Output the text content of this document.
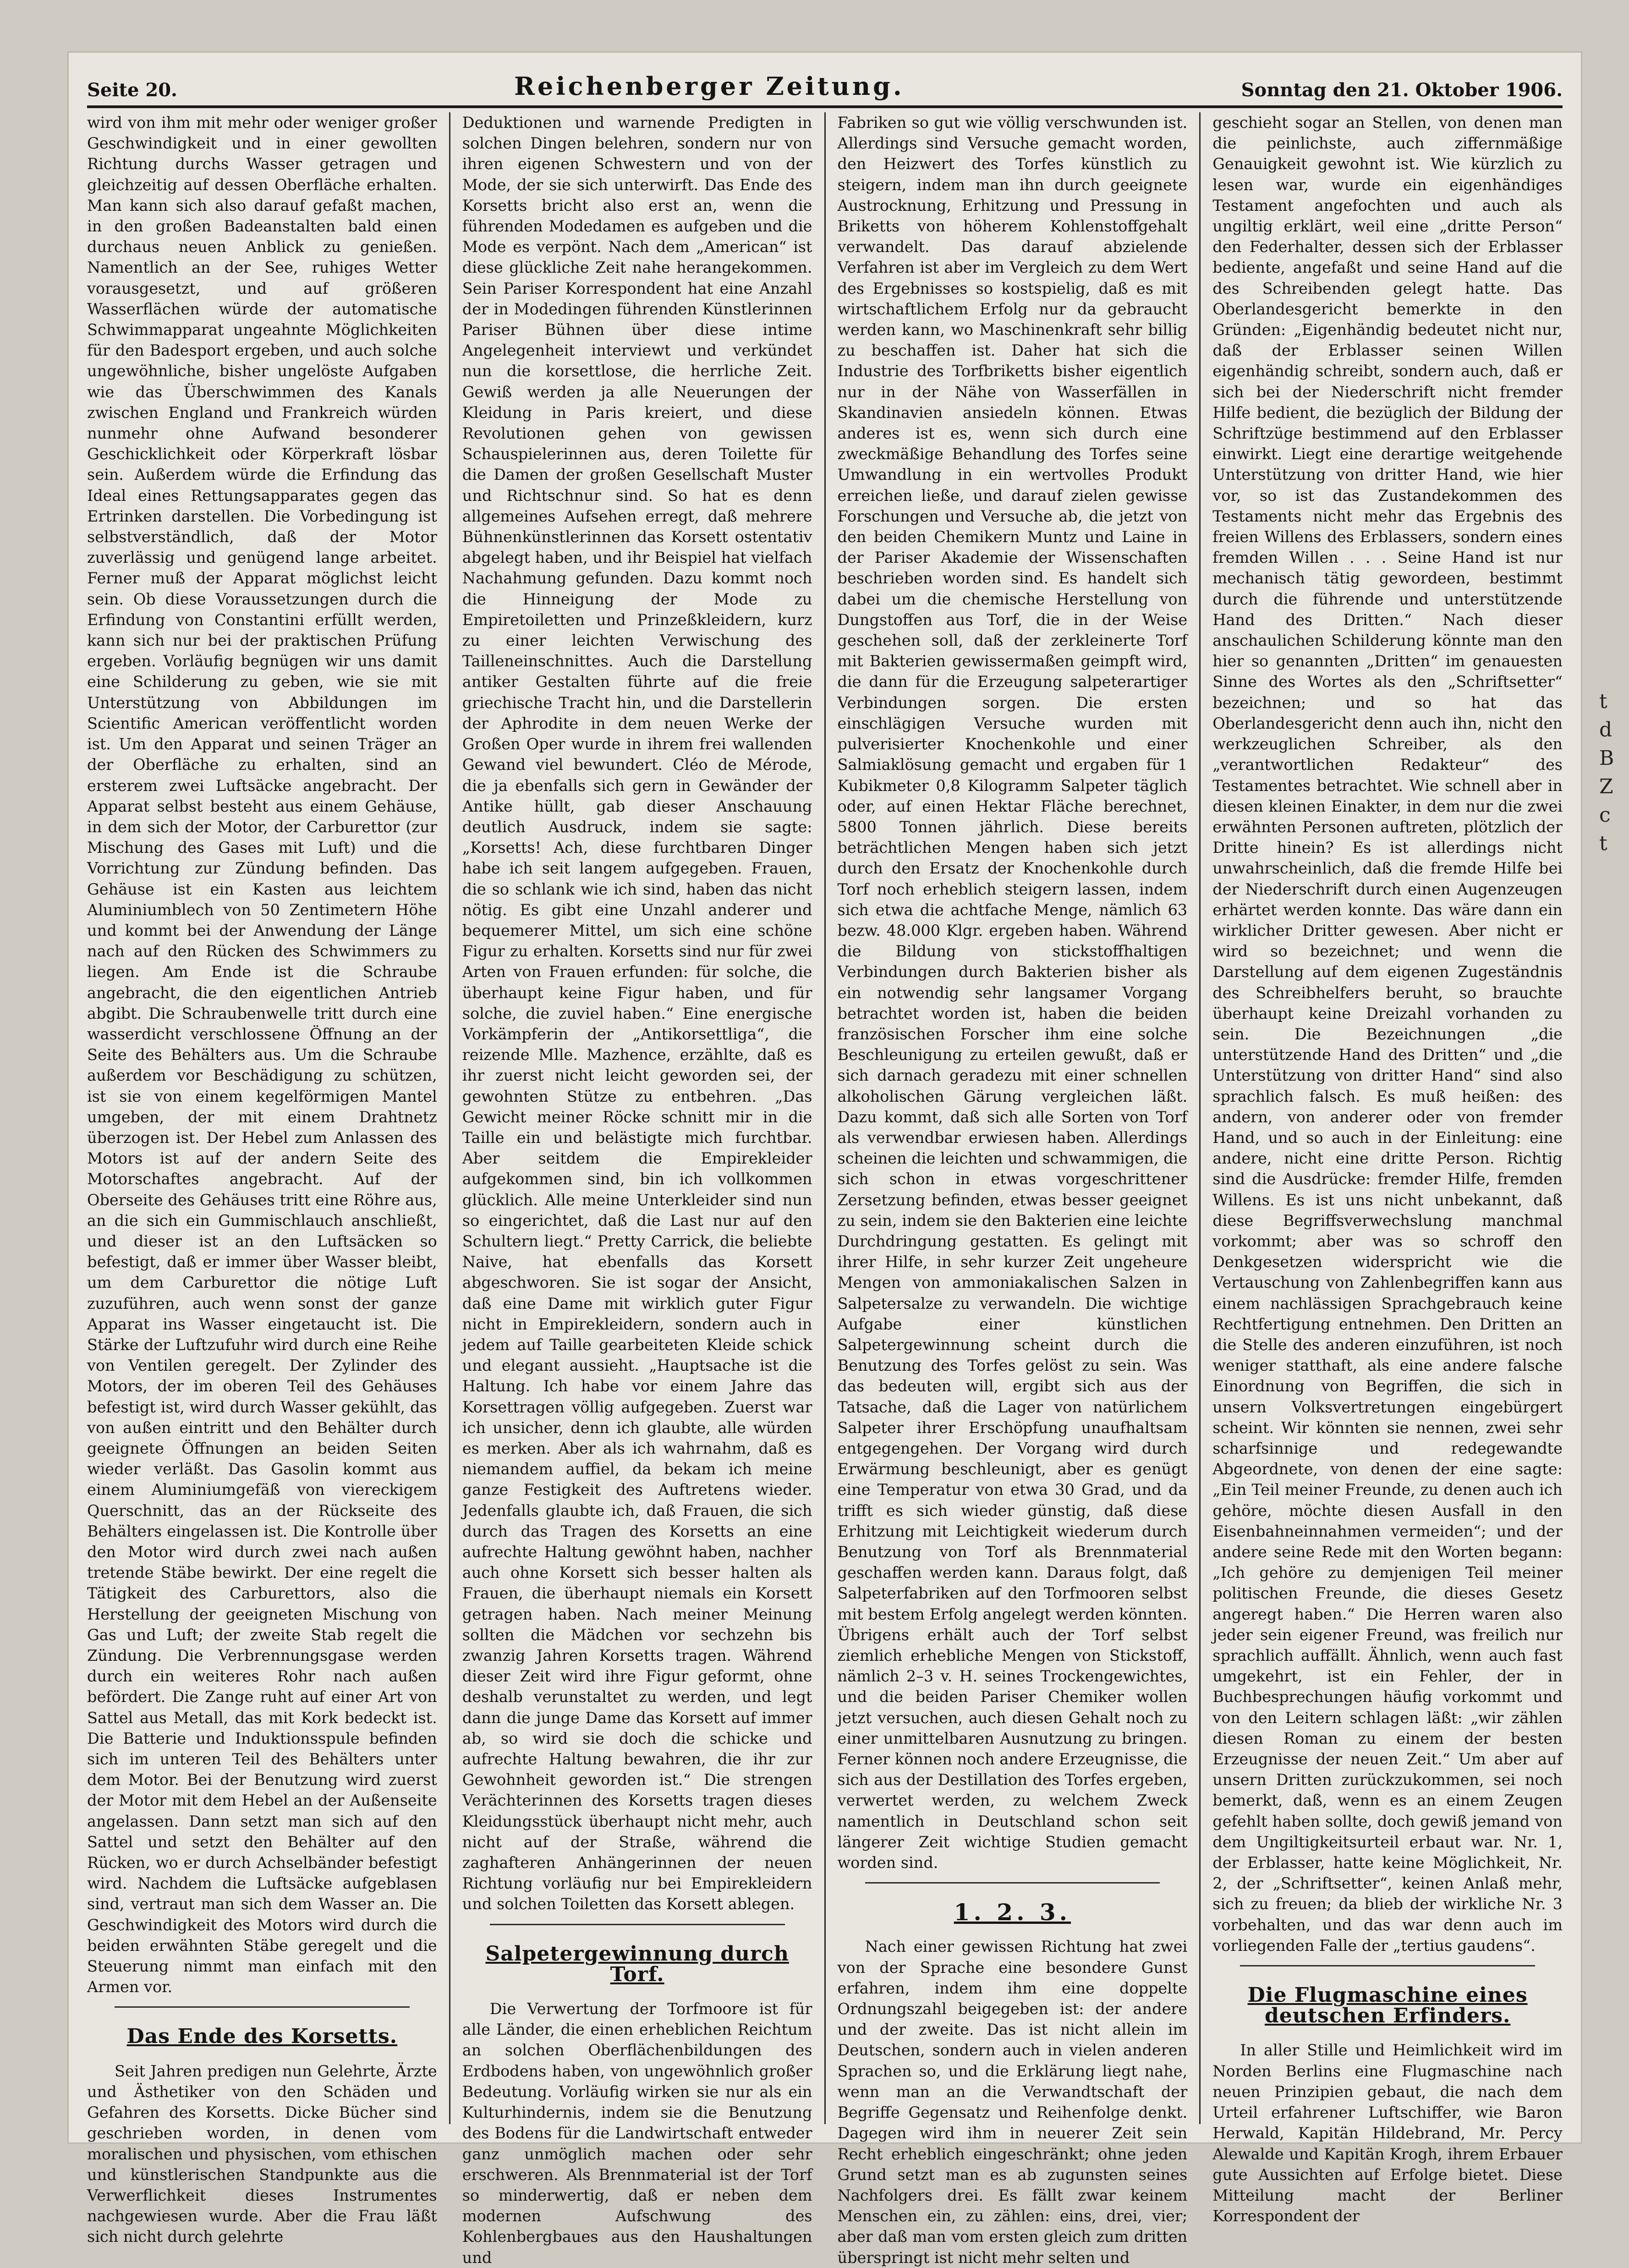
Seite 20.	Reichenberger Zeitung.	Sonntag den 21. Oktober 1906.

wird von ihm mit mehr oder weniger großer Geschwindigkeit und in einer gewollten Richtung durchs Wasser getragen und gleichzeitig auf dessen Oberfläche erhalten. Man kann sich also darauf gefaßt machen, in den großen Badeanstalten bald einen durchaus neuen Anblick zu genießen. Namentlich an der See, ruhiges Wetter vorausgesetzt, und auf größeren Wasserflächen würde der automatische Schwimmapparat ungeahnte Möglichkeiten für den Badesport ergeben, und auch solche ungewöhnliche, bisher ungelöste Aufgaben wie das Überschwimmen des Kanals zwischen England und Frankreich würden nunmehr ohne Aufwand besonderer Geschicklichkeit oder Körperkraft lösbar sein. Außerdem würde die Erfindung das Ideal eines Rettungsapparates gegen das Ertrinken darstellen. Die Vorbedingung ist selbstverständlich, daß der Motor zuverlässig und genügend lange arbeitet. Ferner muß der Apparat möglichst leicht sein. Ob diese Voraussetzungen durch die Erfindung von Constantini erfüllt werden, kann sich nur bei der praktischen Prüfung ergeben. Vorläufig begnügen wir uns damit eine Schilderung zu geben, wie sie mit Unterstützung von Abbildungen im Scientific American veröffentlicht worden ist. Um den Apparat und seinen Träger an der Oberfläche zu erhalten, sind an ersterem zwei Luftsäcke angebracht. Der Apparat selbst besteht aus einem Gehäuse, in dem sich der Motor, der Carburettor (zur Mischung des Gases mit Luft) und die Vorrichtung zur Zündung befinden. Das Gehäuse ist ein Kasten aus leichtem Aluminiumblech von 50 Zentimetern Höhe und kommt bei der Anwendung der Länge nach auf den Rücken des Schwimmers zu liegen. Am Ende ist die Schraube angebracht, die den eigentlichen Antrieb abgibt. Die Schraubenwelle tritt durch eine wasserdicht verschlossene Öffnung an der Seite des Behälters aus. Um die Schraube außerdem vor Beschädigung zu schützen, ist sie von einem kegelförmigen Mantel umgeben, der mit einem Drahtnetz überzogen ist. Der Hebel zum Anlassen des Motors ist auf der andern Seite des Motorschaftes angebracht. Auf der Oberseite des Gehäuses tritt eine Röhre aus, an die sich ein Gummischlauch anschließt, und dieser ist an den Luftsäcken so befestigt, daß er immer über Wasser bleibt, um dem Carburettor die nötige Luft zuzuführen, auch wenn sonst der ganze Apparat ins Wasser eingetaucht ist. Die Stärke der Luftzufuhr wird durch eine Reihe von Ventilen geregelt. Der Zylinder des Motors, der im oberen Teil des Gehäuses befestigt ist, wird durch Wasser gekühlt, das von außen eintritt und den Behälter durch geeignete Öffnungen an beiden Seiten wieder verläßt. Das Gasolin kommt aus einem Aluminiumgefäß von viereckigem Querschnitt, das an der Rückseite des Behälters eingelassen ist. Die Kontrolle über den Motor wird durch zwei nach außen tretende Stäbe bewirkt. Der eine regelt die Tätigkeit des Carburettors, also die Herstellung der geeigneten Mischung von Gas und Luft; der zweite Stab regelt die Zündung. Die Verbrennungsgase werden durch ein weiteres Rohr nach außen befördert. Die Zange ruht auf einer Art von Sattel aus Metall, das mit Kork bedeckt ist. Die Batterie und Induktionsspule befinden sich im unteren Teil des Behälters unter dem Motor. Bei der Benutzung wird zuerst der Motor mit dem Hebel an der Außenseite angelassen. Dann setzt man sich auf den Sattel und setzt den Behälter auf den Rücken, wo er durch Achselbänder befestigt wird. Nachdem die Luftsäcke aufgeblasen sind, vertraut man sich dem Wasser an. Die Geschwindigkeit des Motors wird durch die beiden erwähnten Stäbe geregelt und die Steuerung nimmt man einfach mit den Armen vor.

Das Ende des Korsetts.

Seit Jahren predigen nun Gelehrte, Ärzte und Ästhetiker von den Schäden und Gefahren des Korsetts. Dicke Bücher sind geschrieben worden, in denen vom moralischen und physischen, vom ethischen und künstlerischen Standpunkte aus die Verwerflichkeit dieses Instrumentes nachgewiesen wurde. Aber die Frau läßt sich nicht durch gelehrte

Deduktionen und warnende Predigten in solchen Dingen belehren, sondern nur von ihren eigenen Schwestern und von der Mode, der sie sich unterwirft. Das Ende des Korsetts bricht also erst an, wenn die führenden Modedamen es aufgeben und die Mode es verpönt. Nach dem „American“ ist diese glückliche Zeit nahe herangekommen. Sein Pariser Korrespondent hat eine Anzahl der in Modedingen führenden Künstlerinnen Pariser Bühnen über diese intime Angelegenheit interviewt und verkündet nun die korsettlose, die herrliche Zeit. Gewiß werden ja alle Neuerungen der Kleidung in Paris kreiert, und diese Revolutionen gehen von gewissen Schauspielerinnen aus, deren Toilette für die Damen der großen Gesellschaft Muster und Richtschnur sind. So hat es denn allgemeines Aufsehen erregt, daß mehrere Bühnenkünstlerinnen das Korsett ostentativ abgelegt haben, und ihr Beispiel hat vielfach Nachahmung gefunden. Dazu kommt noch die Hinneigung der Mode zu Empiretoiletten und Prinzeßkleidern, kurz zu einer leichten Verwischung des Tailleneinschnittes. Auch die Darstellung antiker Gestalten führte auf die freie griechische Tracht hin, und die Darstellerin der Aphrodite in dem neuen Werke der Großen Oper wurde in ihrem frei wallenden Gewand viel bewundert. Cléo de Mérode, die ja ebenfalls sich gern in Gewänder der Antike hüllt, gab dieser Anschauung deutlich Ausdruck, indem sie sagte: „Korsetts! Ach, diese furchtbaren Dinger habe ich seit langem aufgegeben. Frauen, die so schlank wie ich sind, haben das nicht nötig. Es gibt eine Unzahl anderer und bequemerer Mittel, um sich eine schöne Figur zu erhalten. Korsetts sind nur für zwei Arten von Frauen erfunden: für solche, die überhaupt keine Figur haben, und für solche, die zuviel haben.“ Eine energische Vorkämpferin der „Antikorsettliga“, die reizende Mlle. Mazhence, erzählte, daß es ihr zuerst nicht leicht geworden sei, der gewohnten Stütze zu entbehren. „Das Gewicht meiner Röcke schnitt mir in die Taille ein und belästigte mich furchtbar. Aber seitdem die Empirekleider aufgekommen sind, bin ich vollkommen glücklich. Alle meine Unterkleider sind nun so eingerichtet, daß die Last nur auf den Schultern liegt.“ Pretty Carrick, die beliebte Naive, hat ebenfalls das Korsett abgeschworen. Sie ist sogar der Ansicht, daß eine Dame mit wirklich guter Figur nicht in Empirekleidern, sondern auch in jedem auf Taille gearbeiteten Kleide schick und elegant aussieht. „Hauptsache ist die Haltung. Ich habe vor einem Jahre das Korsettragen völlig aufgegeben. Zuerst war ich unsicher, denn ich glaubte, alle würden es merken. Aber als ich wahrnahm, daß es niemandem auffiel, da bekam ich meine ganze Festigkeit des Auftretens wieder. Jedenfalls glaubte ich, daß Frauen, die sich durch das Tragen des Korsetts an eine aufrechte Haltung gewöhnt haben, nachher auch ohne Korsett sich besser halten als Frauen, die überhaupt niemals ein Korsett getragen haben. Nach meiner Meinung sollten die Mädchen vor sechzehn bis zwanzig Jahren Korsetts tragen. Während dieser Zeit wird ihre Figur geformt, ohne deshalb verunstaltet zu werden, und legt dann die junge Dame das Korsett auf immer ab, so wird sie doch die schicke und aufrechte Haltung bewahren, die ihr zur Gewohnheit geworden ist.“ Die strengen Verächterinnen des Korsetts tragen dieses Kleidungsstück überhaupt nicht mehr, auch nicht auf der Straße, während die zaghafteren Anhängerinnen der neuen Richtung vorläufig nur bei Empirekleidern und solchen Toiletten das Korsett ablegen.

Salpetergewinnung durch Torf.

Die Verwertung der Torfmoore ist für alle Länder, die einen erheblichen Reichtum an solchen Oberflächenbildungen des Erdbodens haben, von ungewöhnlich großer Bedeutung. Vorläufig wirken sie nur als ein Kulturhindernis, indem sie die Benutzung des Bodens für die Landwirtschaft entweder ganz unmöglich machen oder sehr erschweren. Als Brennmaterial ist der Torf so minderwertig, daß er neben dem modernen Aufschwung des Kohlenbergbaues aus den Haushaltungen und

Fabriken so gut wie völlig verschwunden ist. Allerdings sind Versuche gemacht worden, den Heizwert des Torfes künstlich zu steigern, indem man ihn durch geeignete Austrocknung, Erhitzung und Pressung in Briketts von höherem Kohlenstoffgehalt verwandelt. Das darauf abzielende Verfahren ist aber im Vergleich zu dem Wert des Ergebnisses so kostspielig, daß es mit wirtschaftlichem Erfolg nur da gebraucht werden kann, wo Maschinenkraft sehr billig zu beschaffen ist. Daher hat sich die Industrie des Torfbriketts bisher eigentlich nur in der Nähe von Wasserfällen in Skandinavien ansiedeln können. Etwas anderes ist es, wenn sich durch eine zweckmäßige Behandlung des Torfes seine Umwandlung in ein wertvolles Produkt erreichen ließe, und darauf zielen gewisse Forschungen und Versuche ab, die jetzt von den beiden Chemikern Muntz und Laine in der Pariser Akademie der Wissenschaften beschrieben worden sind. Es handelt sich dabei um die chemische Herstellung von Dungstoffen aus Torf, die in der Weise geschehen soll, daß der zerkleinerte Torf mit Bakterien gewissermaßen geimpft wird, die dann für die Erzeugung salpeterartiger Verbindungen sorgen. Die ersten einschlägigen Versuche wurden mit pulverisierter Knochenkohle und einer Salmiaklösung gemacht und ergaben für 1 Kubikmeter 0,8 Kilogramm Salpeter täglich oder, auf einen Hektar Fläche berechnet, 5800 Tonnen jährlich. Diese bereits beträchtlichen Mengen haben sich jetzt durch den Ersatz der Knochenkohle durch Torf noch erheblich steigern lassen, indem sich etwa die achtfache Menge, nämlich 63 bezw. 48.000 Klgr. ergeben haben. Während die Bildung von stickstoffhaltigen Verbindungen durch Bakterien bisher als ein notwendig sehr langsamer Vorgang betrachtet worden ist, haben die beiden französischen Forscher ihm eine solche Beschleunigung zu erteilen gewußt, daß er sich darnach geradezu mit einer schnellen alkoholischen Gärung vergleichen läßt. Dazu kommt, daß sich alle Sorten von Torf als verwendbar erwiesen haben. Allerdings scheinen die leichten und schwammigen, die sich schon in etwas vorgeschrittener Zersetzung befinden, etwas besser geeignet zu sein, indem sie den Bakterien eine leichte Durchdringung gestatten. Es gelingt mit ihrer Hilfe, in sehr kurzer Zeit ungeheure Mengen von ammoniakalischen Salzen in Salpetersalze zu verwandeln. Die wichtige Aufgabe einer künstlichen Salpetergewinnung scheint durch die Benutzung des Torfes gelöst zu sein. Was das bedeuten will, ergibt sich aus der Tatsache, daß die Lager von natürlichem Salpeter ihrer Erschöpfung unaufhaltsam entgegengehen. Der Vorgang wird durch Erwärmung beschleunigt, aber es genügt eine Temperatur von etwa 30 Grad, und da trifft es sich wieder günstig, daß diese Erhitzung mit Leichtigkeit wiederum durch Benutzung von Torf als Brennmaterial geschaffen werden kann. Daraus folgt, daß Salpeterfabriken auf den Torfmooren selbst mit bestem Erfolg angelegt werden könnten. Übrigens erhält auch der Torf selbst ziemlich erhebliche Mengen von Stickstoff, nämlich 2–3 v. H. seines Trockengewichtes, und die beiden Pariser Chemiker wollen jetzt versuchen, auch diesen Gehalt noch zu einer unmittelbaren Ausnutzung zu bringen. Ferner können noch andere Erzeugnisse, die sich aus der Destillation des Torfes ergeben, verwertet werden, zu welchem Zweck namentlich in Deutschland schon seit längerer Zeit wichtige Studien gemacht worden sind.

1. 2. 3.

Nach einer gewissen Richtung hat zwei von der Sprache eine besondere Gunst erfahren, indem ihm eine doppelte Ordnungszahl beigegeben ist: der andere und der zweite. Das ist nicht allein im Deutschen, sondern auch in vielen anderen Sprachen so, und die Erklärung liegt nahe, wenn man an die Verwandtschaft der Begriffe Gegensatz und Reihenfolge denkt. Dagegen wird ihm in neuerer Zeit sein Recht erheblich eingeschränkt; ohne jeden Grund setzt man es ab zugunsten seines Nachfolgers drei. Es fällt zwar keinem Menschen ein, zu zählen: eins, drei, vier; aber daß man vom ersten gleich zum dritten überspringt ist nicht mehr selten und

geschieht sogar an Stellen, von denen man die peinlichste, auch ziffernmäßige Genauigkeit gewohnt ist. Wie kürzlich zu lesen war, wurde ein eigenhändiges Testament angefochten und auch als ungiltig erklärt, weil eine „dritte Person“ den Federhalter, dessen sich der Erblasser bediente, angefaßt und seine Hand auf die des Schreibenden gelegt hatte. Das Oberlandesgericht bemerkte in den Gründen: „Eigenhändig bedeutet nicht nur, daß der Erblasser seinen Willen eigenhändig schreibt, sondern auch, daß er sich bei der Niederschrift nicht fremder Hilfe bedient, die bezüglich der Bildung der Schriftzüge bestimmend auf den Erblasser einwirkt. Liegt eine derartige weitgehende Unterstützung von dritter Hand, wie hier vor, so ist das Zustandekommen des Testaments nicht mehr das Ergebnis des freien Willens des Erblassers, sondern eines fremden Willen . . . Seine Hand ist nur mechanisch tätig gewordeen, bestimmt durch die führende und unterstützende Hand des Dritten.“ Nach dieser anschaulichen Schilderung könnte man den hier so genannten „Dritten“ im genauesten Sinne des Wortes als den „Schriftsetter“ bezeichnen; und so hat das Oberlandesgericht denn auch ihn, nicht den werkzeuglichen Schreiber, als den „verantwortlichen Redakteur“ des Testamentes betrachtet. Wie schnell aber in diesen kleinen Einakter, in dem nur die zwei erwähnten Personen auftreten, plötzlich der Dritte hinein? Es ist allerdings nicht unwahrscheinlich, daß die fremde Hilfe bei der Niederschrift durch einen Augenzeugen erhärtet werden konnte. Das wäre dann ein wirklicher Dritter gewesen. Aber nicht er wird so bezeichnet; und wenn die Darstellung auf dem eigenen Zugeständnis des Schreibhelfers beruht, so brauchte überhaupt keine Dreizahl vorhanden zu sein. Die Bezeichnungen „die unterstützende Hand des Dritten“ und „die Unterstützung von dritter Hand“ sind also sprachlich falsch. Es muß heißen: des andern, von anderer oder von fremder Hand, und so auch in der Einleitung: eine andere, nicht eine dritte Person. Richtig sind die Ausdrücke: fremder Hilfe, fremden Willens. Es ist uns nicht unbekannt, daß diese Begriffsverwechslung manchmal vorkommt; aber was so schroff den Denkgesetzen widerspricht wie die Vertauschung von Zahlenbegriffen kann aus einem nachlässigen Sprachgebrauch keine Rechtfertigung entnehmen. Den Dritten an die Stelle des anderen einzuführen, ist noch weniger statthaft, als eine andere falsche Einordnung von Begriffen, die sich in unsern Volksvertretungen eingebürgert scheint. Wir könnten sie nennen, zwei sehr scharfsinnige und redegewandte Abgeordnete, von denen der eine sagte: „Ein Teil meiner Freunde, zu denen auch ich gehöre, möchte diesen Ausfall in den Eisenbahneinnahmen vermeiden“; und der andere seine Rede mit den Worten begann: „Ich gehöre zu demjenigen Teil meiner politischen Freunde, die dieses Gesetz angeregt haben.“ Die Herren waren also jeder sein eigener Freund, was freilich nur sprachlich auffällt. Ähnlich, wenn auch fast umgekehrt, ist ein Fehler, der in Buchbesprechungen häufig vorkommt und von den Leitern schlagen läßt: „wir zählen diesen Roman zu einem der besten Erzeugnisse der neuen Zeit.“ Um aber auf unsern Dritten zurückzukommen, sei noch bemerkt, daß, wenn es an einem Zeugen gefehlt haben sollte, doch gewiß jemand von dem Ungiltigkeitsurteil erbaut war. Nr. 1, der Erblasser, hatte keine Möglichkeit, Nr. 2, der „Schriftsetter“, keinen Anlaß mehr, sich zu freuen; da blieb der wirkliche Nr. 3 vorbehalten, und das war denn auch im vorliegenden Falle der „tertius gaudens“.

Die Flugmaschine eines deutschen Erfinders.

In aller Stille und Heimlichkeit wird im Norden Berlins eine Flugmaschine nach neuen Prinzipien gebaut, die nach dem Urteil erfahrener Luftschiffer, wie Baron Herwald, Kapitän Hildebrand, Mr. Percy Alewalde und Kapitän Krogh, ihrem Erbauer gute Aussichten auf Erfolge bietet. Diese Mitteilung macht der Berliner Korrespondent der

t
d
B
Z
c
t
